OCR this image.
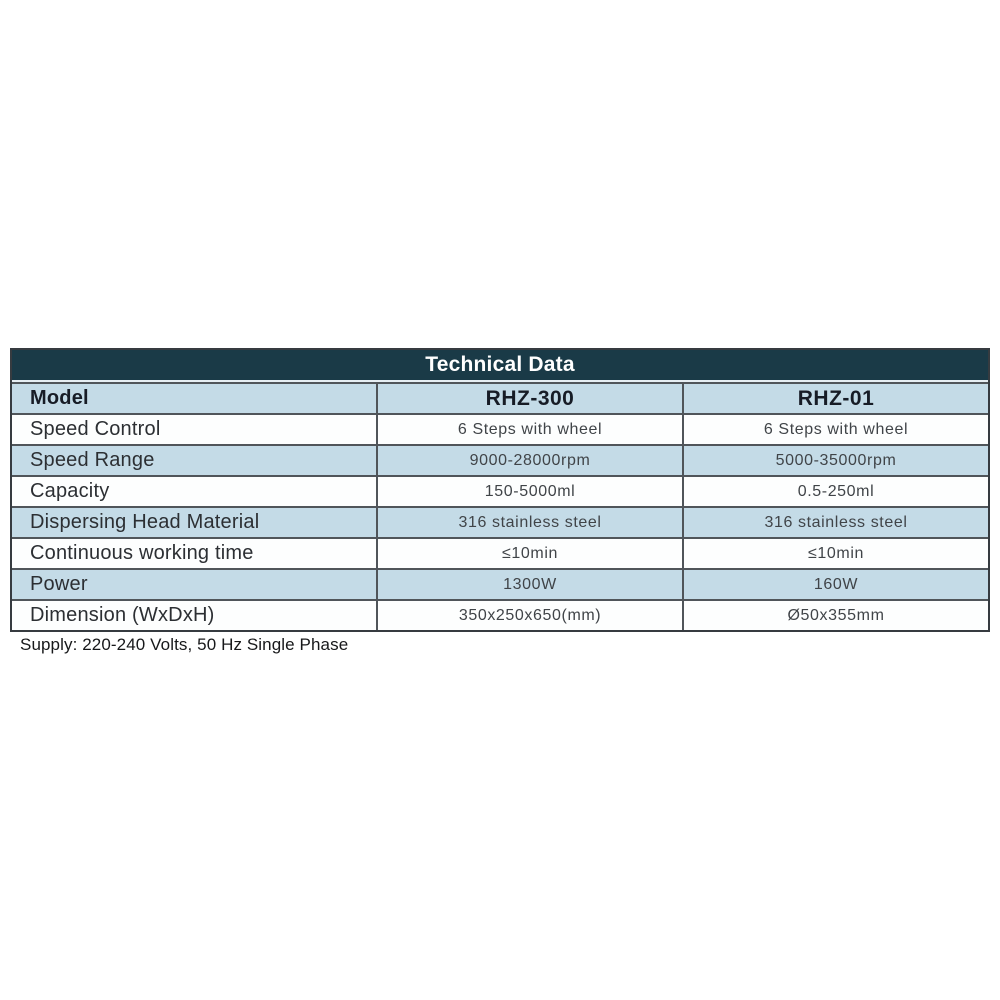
Technical Data
Model	RHZ-300	RHZ-01
Speed Control	6 Steps with wheel	6 Steps with wheel
Speed Range	9000-28000rpm	5000-35000rpm
Capacity	150-5000ml	0.5-250ml
Dispersing Head Material	316 stainless steel	316 stainless steel
Continuous working time	≤10min	≤10min
Power	1300W	160W
Dimension (WxDxH)	350x250x650(mm)	Ø50x355mm
Supply: 220-240 Volts, 50 Hz Single Phase
